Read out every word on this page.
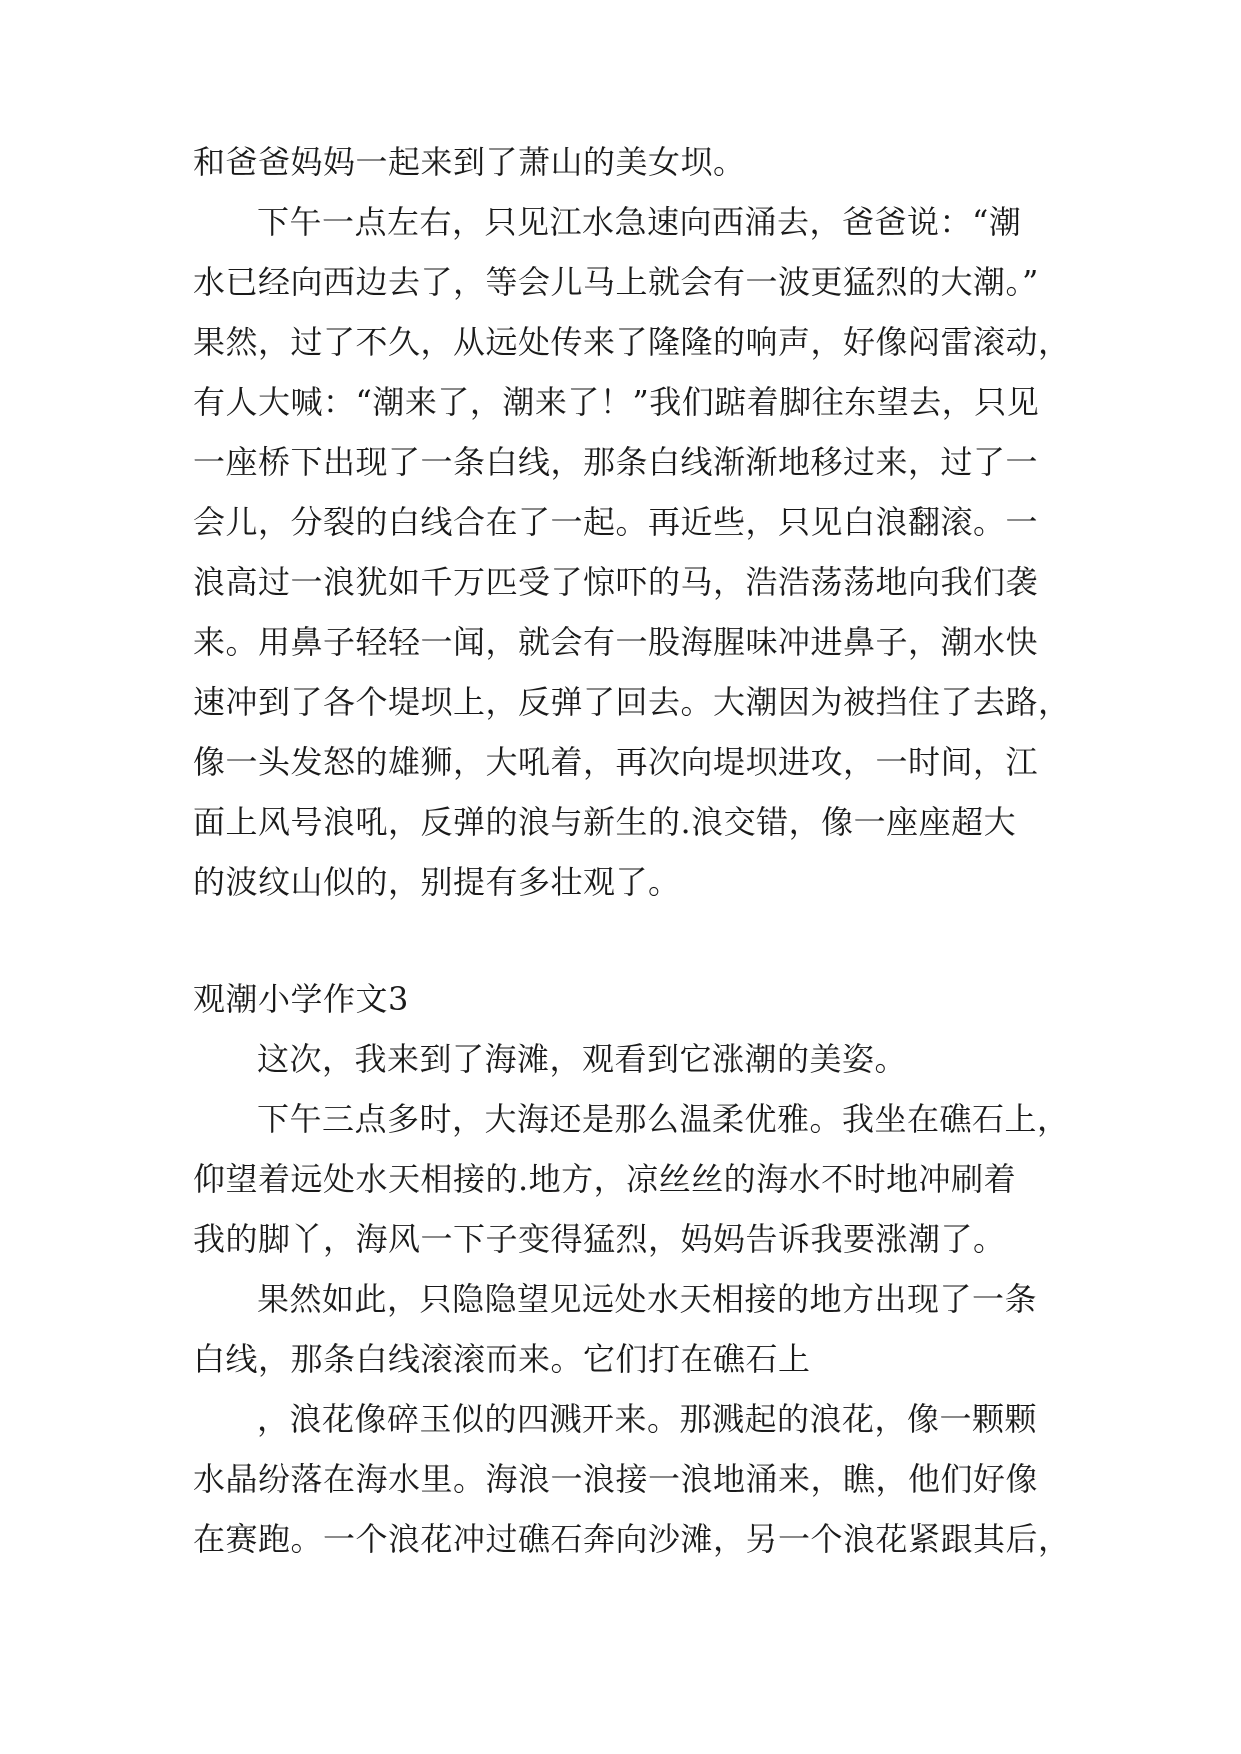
和爸爸妈妈一起来到了萧山的美女坝。
下午一点左右，只见江水急速向西涌去，爸爸说：“潮
水已经向西边去了，等会儿马上就会有一波更猛烈的大潮。”
果然，过了不久，从远处传来了隆隆的响声，好像闷雷滚动，
有人大喊：“潮来了，潮来了！”我们踮着脚往东望去，只见
一座桥下出现了一条白线，那条白线渐渐地移过来，过了一
会儿，分裂的白线合在了一起。再近些，只见白浪翻滚。一
浪高过一浪犹如千万匹受了惊吓的马，浩浩荡荡地向我们袭
来。用鼻子轻轻一闻，就会有一股海腥味冲进鼻子，潮水快
速冲到了各个堤坝上，反弹了回去。大潮因为被挡住了去路，
像一头发怒的雄狮，大吼着，再次向堤坝进攻，一时间，江
面上风号浪吼，反弹的浪与新生的.浪交错，像一座座超大
的波纹山似的，别提有多壮观了。
观潮小学作文3
这次，我来到了海滩，观看到它涨潮的美姿。
下午三点多时，大海还是那么温柔优雅。我坐在礁石上，
仰望着远处水天相接的.地方，凉丝丝的海水不时地冲刷着
我的脚丫，海风一下子变得猛烈，妈妈告诉我要涨潮了。
果然如此，只隐隐望见远处水天相接的地方出现了一条
白线，那条白线滚滚而来。它们打在礁石上
，浪花像碎玉似的四溅开来。那溅起的浪花，像一颗颗
水晶纷落在海水里。海浪一浪接一浪地涌来，瞧，他们好像
在赛跑。一个浪花冲过礁石奔向沙滩，另一个浪花紧跟其后，
